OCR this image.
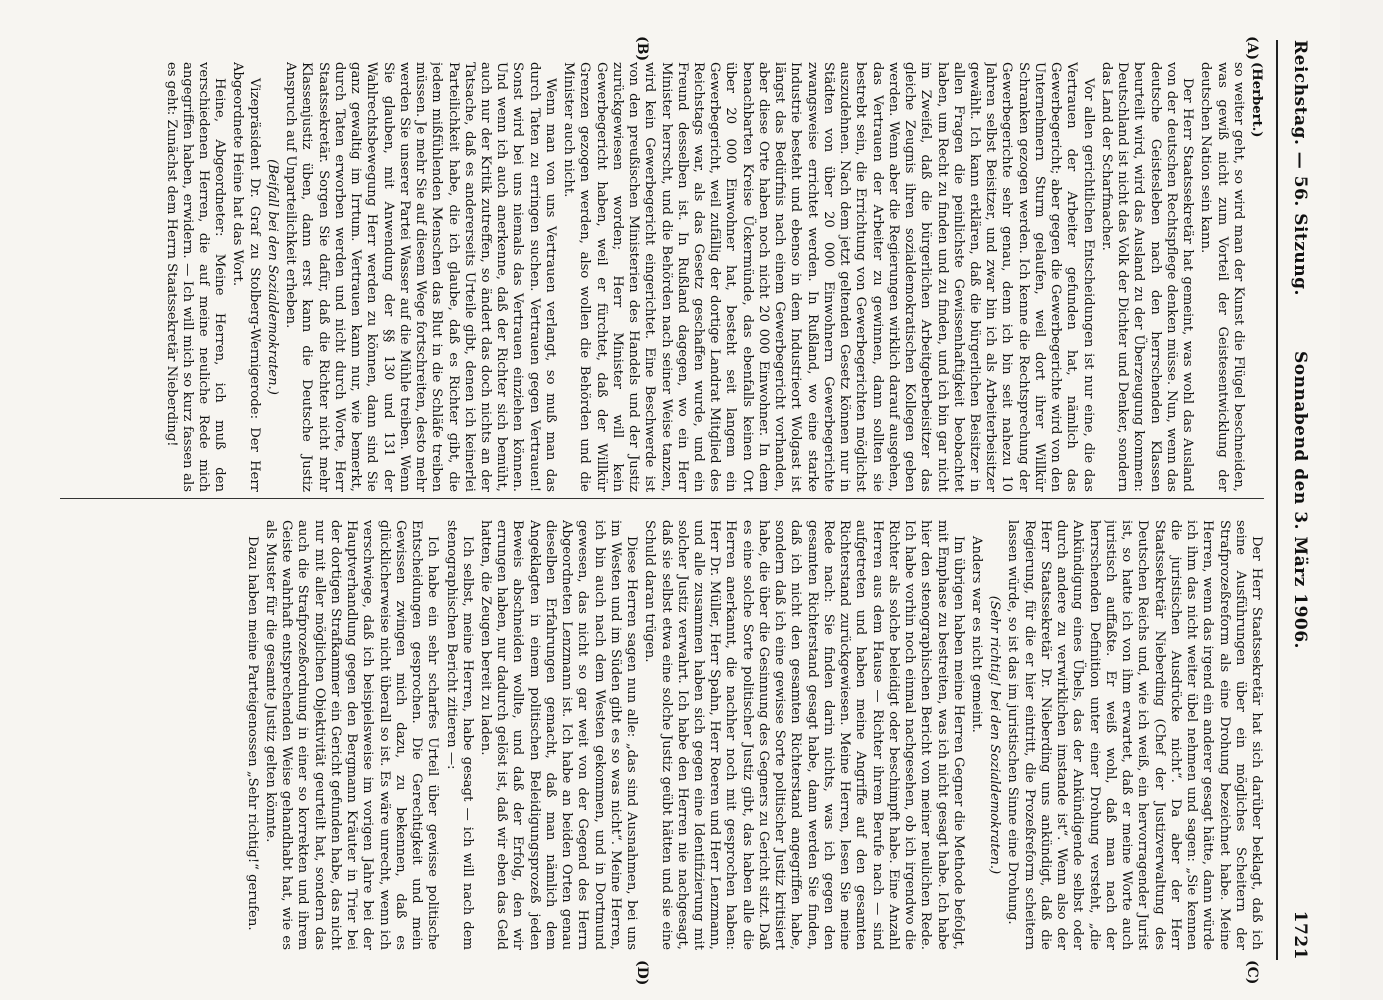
Reichstag. — 56. Sitzung.
Sonnabend den 3. März 1906.
1721
(A)
(B)
(C)
(D)

(Herbert.)

so weiter geht, so wird man der Kunst die Flügel beschneiden, was gewiß nicht zum Vorteil der Geistesentwicklung der deutschen Nation sein kann.

Der Herr Staatssekretär hat gemeint, was wohl das Ausland von der deutschen Rechtspflege denken müsse. Nun, wenn das deutsche Geistesleben nach den herrschenden Klassen beurteilt wird, wird das Ausland zu der Überzeugung kommen: Deutschland ist nicht das Volk der Dichter und Denker, sondern das Land der Scharfmacher.

Vor allen gerichtlichen Entscheidungen ist nur eine, die das Vertrauen der Arbeiter gefunden hat, nämlich das Gewerbegericht; aber gegen die Gewerbegerichte wird von den Unternehmern Sturm gelaufen, weil dort ihrer Willkür Schranken gezogen werden. Ich kenne die Rechtsprechung der Gewerbegerichte sehr genau, denn ich bin seit nahezu 10 Jahren selbst Beisitzer, und zwar bin ich als Arbeiterbeisitzer gewählt. Ich kann erklären, daß die bürgerlichen Beisitzer in allen Fragen die peinlichste Gewissenhaftigkeit beobachtet haben, um Recht zu finden und zu finden, und ich bin gar nicht im Zweifel, daß die bürgerlichen Arbeitgeberbeisitzer das gleiche Zeugnis ihren sozialdemokratischen Kollegen geben werden. Wenn aber die Regierungen wirklich darauf ausgehen, das Vertrauen der Arbeiter zu gewinnen, dann sollten sie bestrebt sein, die Errichtung von Gewerbegerichten möglichst auszudehnen. Nach dem jetzt geltenden Gesetz können nur in Städten von über 20 000 Einwohnern Gewerbegerichte zwangsweise errichtet werden. In Rußland, wo eine starke Industrie besteht und ebenso in dem Industrieort Wolgast ist längst das Bedürfnis nach einem Gewerbegericht vorhanden, aber diese Orte haben noch nicht 20 000 Einwohner. In dem benachbarten Kreise Ückermünde, das ebenfalls keinen Ort über 20 000 Einwohner hat, besteht seit langem ein Gewerbegericht, weil zufällig der dortige Landrat Mitglied des Reichstags war, als das Gesetz geschaffen wurde, und ein Freund desselben ist. In Rußland dagegen, wo ein Herr Minister herrscht, und die Behörden nach seiner Weise tanzen, wird kein Gewerbegericht eingerichtet. Eine Beschwerde ist von den preußischen Ministerien des Handels und der Justiz zurückgewiesen worden; Herr Minister will kein Gewerbegericht haben, weil er fürchtet, daß der Willkür Grenzen gezogen werden, also wollen die Behörden und die Minister auch nicht.

Wenn man von uns Vertrauen verlangt, so muß man das durch Taten zu erringen suchen. Vertrauen gegen Vertrauen! Sonst wird bei uns niemals das Vertrauen einziehen können. Und wenn ich auch anerkenne, daß der Richter sich bemüht, auch nur der Kritik zutreffen, so ändert das doch nichts an der Tatsache, daß es andererseits Urteile gibt, denen ich keinerlei Parteilichkeit habe, die ich glaube, daß es Richter gibt, die jedem mißfühlenden Menschen das Blut in die Schläfe treiben müssen. Je mehr Sie auf diesem Wege fortschreiten, desto mehr werden Sie unserer Partei Wasser auf die Mühle treiben. Wenn Sie glauben, mit Anwendung der §§ 130 und 131 der Wahlrechtsbewegung Herr werden zu können, dann sind Sie ganz gewaltig im Irrtum. Vertrauen kann nur, wie bemerkt, durch Taten erworben werden und nicht durch Worte, Herr Staatssekretär. Sorgen Sie dafür, daß die Richter nicht mehr Klassenjustiz üben, dann erst kann die Deutsche Justiz Anspruch auf Unparteilichkeit erheben.

(Beifall bei den Sozialdemokraten.)

Vizepräsident Dr. Graf zu Stolberg-Wernigerode: Der Herr Abgeordnete Heine hat das Wort.

Heine, Abgeordneter: Meine Herren, ich muß den verschiedenen Herren, die auf meine neuliche Rede mich angegriffen haben, erwidern. — Ich will mich so kurz fassen als es geht: Zunächst dem Herrn Staatssekretär Nieberding!

Der Herr Staatssekretär hat sich darüber beklagt, daß ich seine Ausführungen über ein mögliches Scheitern der Strafprozeßreform als eine Drohung bezeichnet habe. Meine Herren, wenn das irgend ein anderer gesagt hätte, dann würde ich ihm das nicht weiter übel nehmen und sagen: „Sie kennen die juristischen Ausdrücke nicht“. Da aber der Herr Staatssekretär Nieberding (Chef der Justizverwaltung des Deutschen Reichs und, wie ich weiß, ein hervorragender Jurist ist, so hatte ich von ihm erwartet, daß er meine Worte auch juristisch auffaßte. Er weiß wohl, daß man nach der herrschenden Definition unter einer Drohung versteht, „die Ankündigung eines Übels, das der Ankündigende selbst oder durch andere zu verwirklichen imstande ist“. Wenn also der Herr Staatssekretär Dr. Nieberding uns ankündigt, daß die Regierung, für die er hier eintritt, die Prozeßreform scheitern lassen würde, so ist das im juristischen Sinne eine Drohung.

(Sehr richtig! bei den Sozialdemokraten.)

Anders war es nicht gemeint.

Im übrigen haben meine Herren Gegner die Methode befolgt, mit Emphase zu bestreiten, was ich nicht gesagt habe. Ich habe hier den stenographischen Bericht von meiner neulichen Rede. Ich habe vorhin noch einmal nachgesehen, ob ich irgendwo die Richter als solche beleidigt oder beschimpft habe. Eine Anzahl Herren aus dem Hause — Richter ihrem Berufe nach — sind aufgetreten und haben meine Angriffe auf den gesamten Richterstand zurückgewiesen. Meine Herren, lesen Sie meine Rede nach: Sie finden darin nichts, was ich gegen den gesamten Richterstand gesagt habe, dann werden Sie finden, daß ich nicht den gesamten Richterstand angegriffen habe, sondern daß ich eine gewisse Sorte politischer Justiz kritisiert habe, die über die Gesinnung des Gegners zu Gericht sitzt. Daß es eine solche Sorte politischer Justiz gibt, das haben alle die Herren anerkannt, die nachher noch mit gesprochen haben: Herr Dr. Müller, Herr Spahn, Herr Roeren und Herr Lenzmann, und alle zusammen haben sich gegen eine Identifizierung mit solcher Justiz verwahrt. Ich habe den Herren nie nachgesagt, daß sie selbst etwa eine solche Justiz geübt hätten und sie eine Schuld daran trügen.

Diese Herren sagen nun alle: „das sind Ausnahmen, bei uns im Westen und im Süden gibt es so was nicht“. Meine Herren, ich bin auch nach dem Westen gekommen, und in Dortmund gewesen, das nicht so gar weit von der Gegend des Herrn Abgeordneten Lenzmann ist. Ich habe an beiden Orten genau dieselben Erfahrungen gemacht, daß man nämlich dem Angeklagten in einem politischen Beleidigungsprozeß jeden Beweis abschneiden wollte, und daß der Erfolg, den wir errungen haben, nur dadurch gelöst ist, daß wir eben das Geld hatten, die Zeugen bereit zu laden.

Ich selbst, meine Herren, habe gesagt — ich will nach dem stenographischen Bericht zitieren —:

Ich habe ein sehr scharfes Urteil über gewisse politische Entscheidungen gesprochen. Die Gerechtigkeit und mein Gewissen zwingen mich dazu, zu bekennen, daß es glücklicherweise nicht überall so ist. Es wäre unrecht, wenn ich verschwiege, daß ich beispielsweise im vorigen Jahre bei der Hauptverhandlung gegen den Bergmann Kräuter in Trier bei der dortigen Strafkammer ein Gericht gefunden habe, das nicht nur mit aller möglichen Objektivität geurteilt hat, sondern das auch die Strafprozeßordnung in einer so korrekten und ihrem Geiste wahrhaft entsprechenden Weise gehandhabt hat, wie es als Muster für die gesamte Justiz gelten könnte.

Dazu haben meine Parteigenossen „Sehr richtig!“ gerufen.
